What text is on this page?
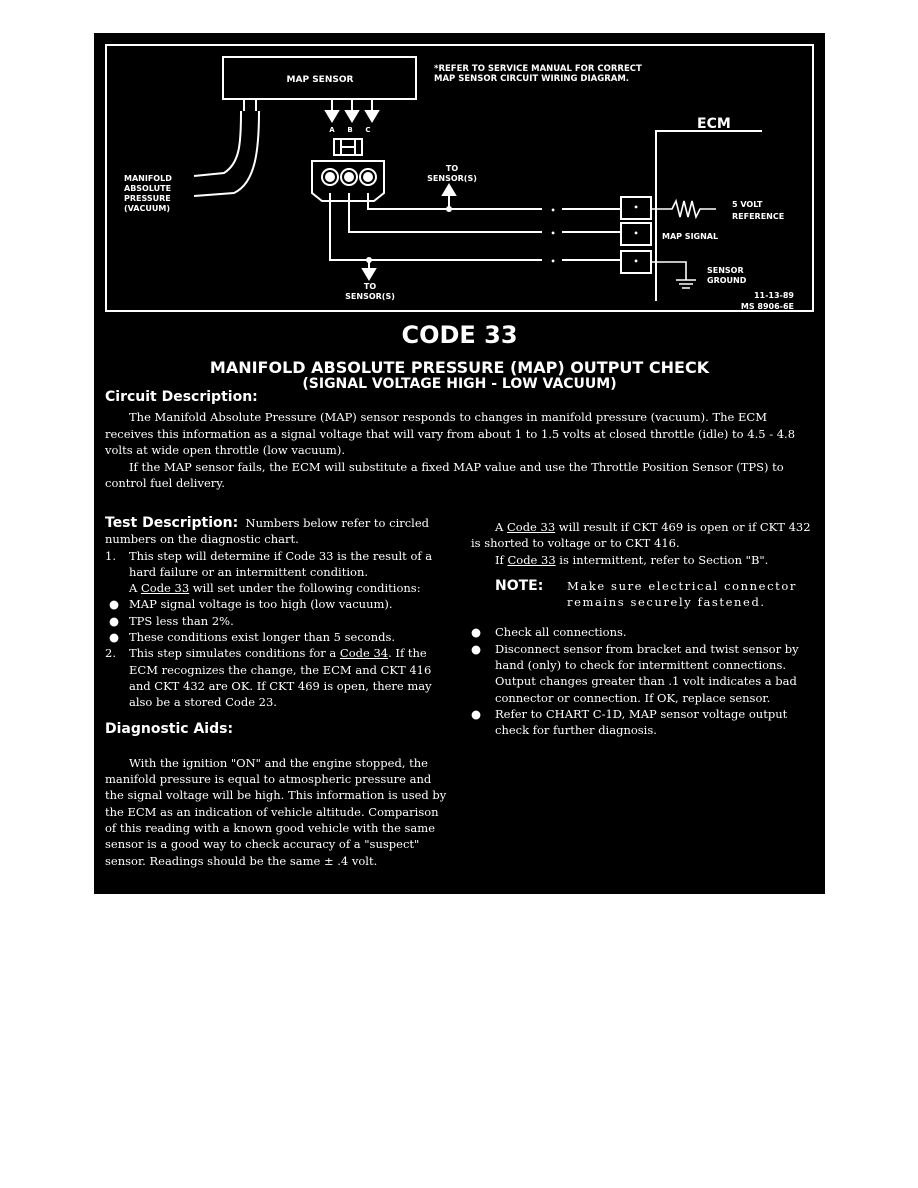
MAP SENSOR
*REFER TO SERVICE MANUAL FOR CORRECT
MAP SENSOR CIRCUIT WIRING DIAGRAM.
MANIFOLD
ABSOLUTE
PRESSURE
(VACUUM)
A B C
•
•
•
TO
SENSOR(S)
TO
SENSOR(S)
ECM
•
•
•
5 VOLT
REFERENCE
MAP SIGNAL
SENSOR
GROUND
11-13-89
MS 8906-6E
CODE 33
MANIFOLD ABSOLUTE PRESSURE (MAP) OUTPUT CHECK
(SIGNAL VOLTAGE HIGH - LOW VACUUM)
Circuit Description:

The Manifold Absolute Pressure (MAP) sensor responds to changes in manifold pressure (vacuum). The ECM receives this information as a signal voltage that will vary from about 1 to 1.5 volts at closed throttle (idle) to 4.5 - 4.8 volts at wide open throttle (low vacuum).

If the MAP sensor fails, the ECM will substitute a fixed MAP value and use the Throttle Position Sensor (TPS) to control fuel delivery.

Test Description: Numbers below refer to circled numbers on the diagnostic chart.

1.	This step will determine if Code 33 is the result of a hard failure or an intermittent condition.

A Code 33 will set under the following conditions:

● MAP signal voltage is too high (low vacuum).
● TPS less than 2%.
● These conditions exist longer than 5 seconds.
2.	This step simulates conditions for a Code 34. If the ECM recognizes the change, the ECM and CKT 416 and CKT 432 are OK. If CKT 469 is open, there may also be a stored Code 23.

Diagnostic Aids:

With the ignition "ON" and the engine stopped, the manifold pressure is equal to atmospheric pressure and the signal voltage will be high. This information is used by the ECM as an indication of vehicle altitude. Comparison of this reading with a known good vehicle with the same sensor is a good way to check accuracy of a "suspect" sensor. Readings should be the same ± .4 volt.

A Code 33 will result if CKT 469 is open or if CKT 432 is shorted to voltage or to CKT 416.

If Code 33 is intermittent, refer to Section "B".

NOTE:	Make sure electrical connector remains securely fastened.
●	Check all connections.
●	Disconnect sensor from bracket and twist sensor by hand (only) to check for intermittent connections. Output changes greater than .1 volt indicates a bad connector or connection. If OK, replace sensor.
●	Refer to CHART C-1D, MAP sensor voltage output check for further diagnosis.
